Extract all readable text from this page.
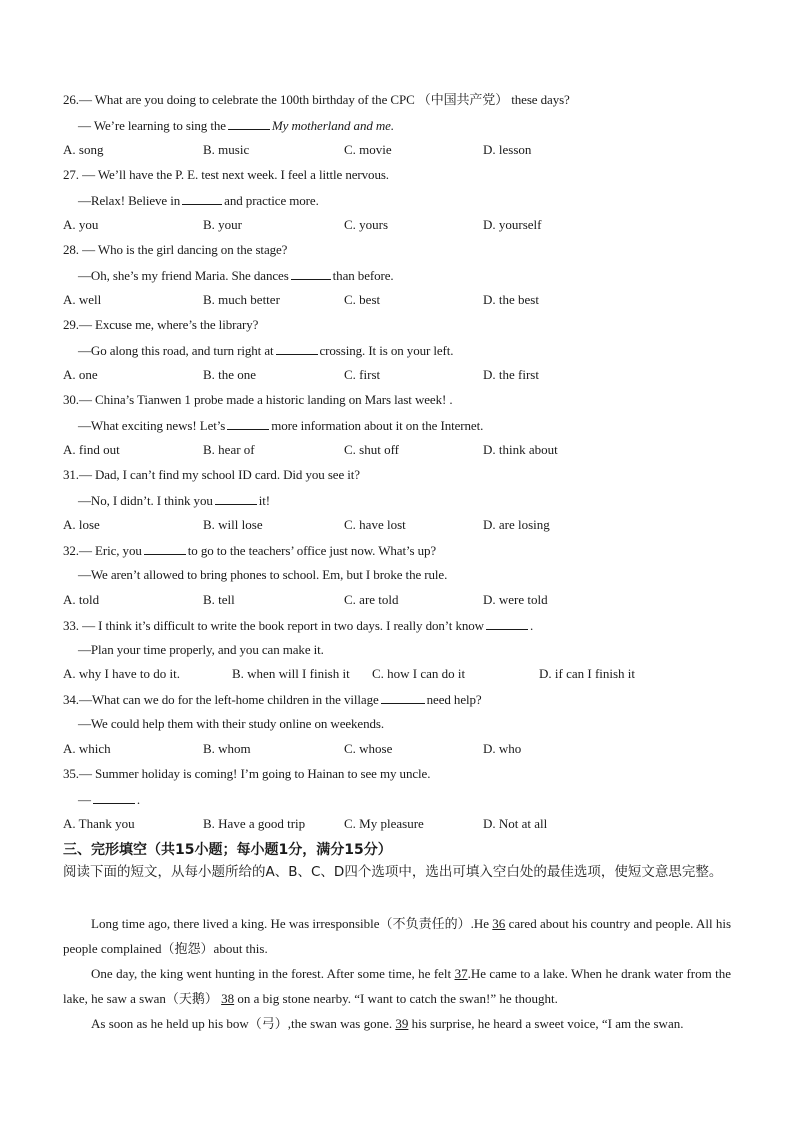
26.— What are you doing to celebrate the 100th birthday of the CPC （中国共产党） these days?
— We’re learning to sing the	My motherland and me.
A. song	B. music	C. movie	D. lesson
27. — We’ll have the P. E. test next week. I feel a little nervous.
—Relax! Believe in	and practice more.
A. you	B. your	C. yours	D. yourself
28. — Who is the girl dancing on the stage?
—Oh, she’s my friend Maria. She dances	than before.
A. well	B. much better	C. best	D. the best
29.— Excuse me, where’s the library?
—Go along this road, and turn right at	crossing. It is on your left.
A. one	B. the one	C. first	D. the first
30.— China’s Tianwen 1 probe made a historic landing on Mars last week! .
—What exciting news! Let’s	more information about it on the Internet.
A. find out	B. hear of	C. shut off	D. think about
31.— Dad, I can’t find my school ID card. Did you see it?
—No, I didn’t. I think you	it!
A. lose	B. will lose	C. have lost	D. are losing
32.— Eric, you	to go to the teachers’ office just now. What’s up?
—We aren’t allowed to bring phones to school. Em, but I broke the rule.
A. told	B. tell	C. are told	D. were told
33. — I think it’s difficult to write the book report in two days. I really don’t know	.
—Plan your time properly, and you can make it.
A. why I have to do it.	B. when will I finish it C. how I can do it	D. if can I finish it
34.—What can we do for the left-home children in the village	need help?
—We could help them with their study online on weekends.
A. which	B. whom	C. whose	D. who
35.— Summer holiday is coming! I’m going to Hainan to see my uncle.
—	.
A. Thank you	B. Have a good trip	C. My pleasure	D. Not at all
三、完形填空（共15小题；每小题1分，满分15分）
阅读下面的短文，从每小题所给的A、B、C、D四个选项中，选出可填入空白处的最佳选项，使短文意思完整。
Long time ago, there lived a king. He was irresponsible（不负责任的）.He 36 cared about his country and people. All his people complained（抱怨）about this.
One day, the king went hunting in the forest. After some time, he felt 37.He came to a lake. When he drank water from the lake, he saw a swan（天鹅） 38 on a big stone nearby. “I want to catch the swan!” he thought.
As soon as he held up his bow（弓）,the swan was gone. 39 his surprise, he heard a sweet voice, “I am the swan.
